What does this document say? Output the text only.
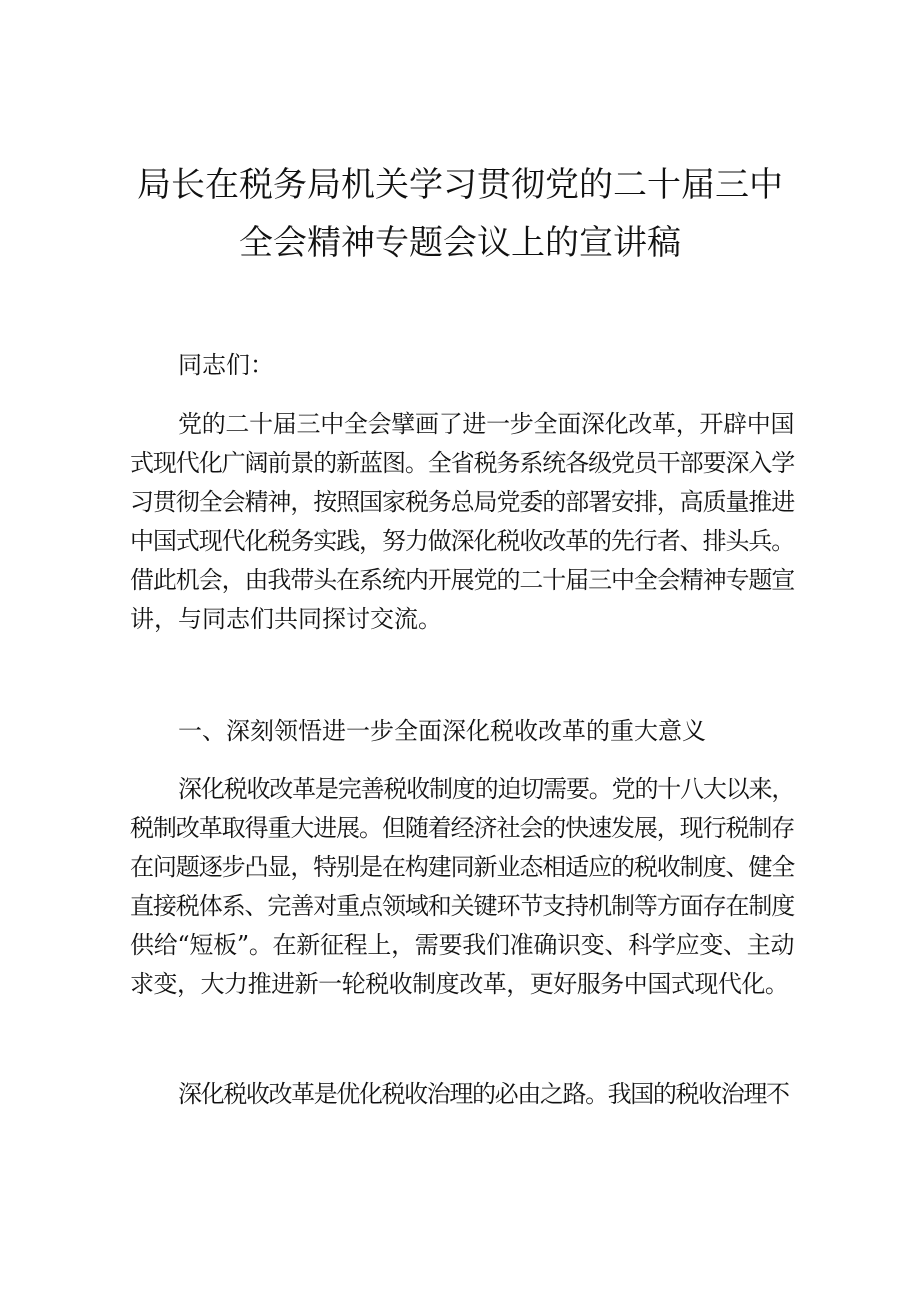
局长在税务局机关学习贯彻党的二十届三中
全会精神专题会议上的宣讲稿
同志们：
党的二十届三中全会擘画了进一步全面深化改革，开辟中国
式现代化广阔前景的新蓝图。全省税务系统各级党员干部要深入学
习贯彻全会精神，按照国家税务总局党委的部署安排，高质量推进
中国式现代化税务实践，努力做深化税收改革的先行者、排头兵。
借此机会，由我带头在系统内开展党的二十届三中全会精神专题宣
讲，与同志们共同探讨交流。
一、深刻领悟进一步全面深化税收改革的重大意义
深化税收改革是完善税收制度的迫切需要。党的十八大以来，
税制改革取得重大进展。但随着经济社会的快速发展，现行税制存
在问题逐步凸显，特别是在构建同新业态相适应的税收制度、健全
直接税体系、完善对重点领域和关键环节支持机制等方面存在制度
供给“短板”。在新征程上，需要我们准确识变、科学应变、主动
求变，大力推进新一轮税收制度改革，更好服务中国式现代化。
深化税收改革是优化税收治理的必由之路。我国的税收治理不
